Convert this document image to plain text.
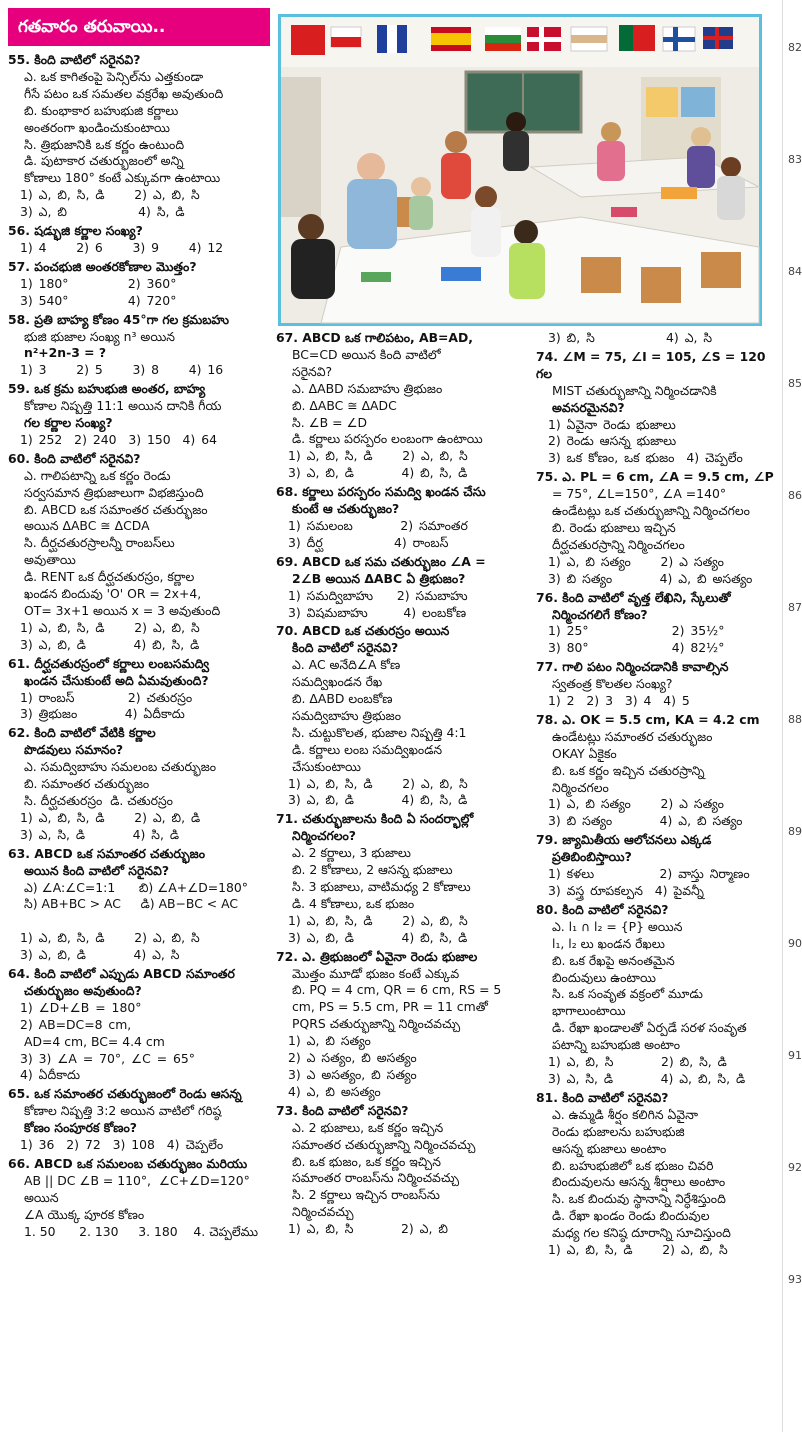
గతవారం తరువాయి..
55. కింది వాటిలో సరైనవి?
ఎ. ఒక కాగితంపై పెన్సిల్‌ను ఎత్తకుండా
గీసే పటం ఒక సమతల వక్రరేఖ అవుతుంది
బి. కుంభాకార బహుభుజి కర్ణాలు
అంతరంగా ఖండించుకుంటాయి
సి. త్రిభుజానికి ఒక కర్ణం ఉంటుంది
డి. పుటాకార చతుర్భుజంలో అన్ని
కోణాలు 180° కంటే ఎక్కువగా ఉంటాయి
1) ఎ, బి, సి, డి     2) ఎ, బి, సి
3) ఎ, బి            4) సి, డి
56. షడ్భుజి కర్ణాల సంఖ్య?
1) 4     2) 6     3) 9     4) 12
57. పంచభుజి అంతరకోణాల మొత్తం?
1) 180°          2) 360°
3) 540°          4) 720°
58. ప్రతి బాహ్య కోణం 45°గా గల క్రమబహు
భుజి భుజాల సంఖ్య n³ అయిన
n²+2n-3 = ?
1) 3     2) 5     3) 8     4) 16
59. ఒక క్రమ బహుభుజి అంతర, బాహ్య
కోణాల నిష్పత్తి 11:1 అయిన దానికి గీయ
గల కర్ణాల సంఖ్య?
1) 252  2) 240  3) 150  4) 64
60. కింది వాటిలో సరైనవి?
ఎ. గాలిపటాన్ని ఒక కర్ణం రెండు
సర్వసమాన త్రిభుజాలుగా విభజిస్తుంది
బి. ABCD ఒక సమాంతర చతుర్భుజం
అయిన ΔABC ≅ ΔCDA
సి. దీర్ఘచతురస్రాలన్నీ రాంబస్‌లు
అవుతాయి
డి. RENT ఒక దీర్ఘచతురస్రం, కర్ణాల
ఖండన బిందువు 'O' OR = 2x+4,
OT= 3x+1 అయిన x = 3 అవుతుంది
1) ఎ, బి, సి, డి     2) ఎ, బి, సి
3) ఎ, బి, డి        4) బి, సి, డి
61. దీర్ఘచతురస్రంలో కర్ణాలు లంబసమద్వి
ఖండన చేసుకుంటే అది ఏమవుతుంది?
1) రాంబస్         2) చతురస్రం
3) త్రిభుజం        4) ఏదీకాదు
62. కింది వాటిలో వేటికి కర్ణాల
పొడవులు సమానం?
ఎ. సమద్విబాహు సమలంబ చతుర్భుజం
బి. సమాంతర చతుర్భుజం
సి. దీర్ఘచతురస్రం  డి. చతురస్రం
1) ఎ, బి, సి, డి     2) ఎ, బి, డి
3) ఎ, సి, డి        4) సి, డి
63. ABCD ఒక సమాంతర చతుర్భుజం
అయిన కింది వాటిలో సరైనవి?
ఎ) ∠A:∠C=1:1      బి) ∠A+∠D=180°
సి) AB+BC > AC     డి) AB−BC < AC

1) ఎ, బి, సి, డి     2) ఎ, బి, సి
3) ఎ, బి, డి        4) ఎ, సి
64. కింది వాటిలో ఎప్పుడు ABCD సమాంతర
చతుర్భుజం అవుతుంది?
1) ∠D+∠B = 180°
2) AB=DC=8 cm,
AD=4 cm, BC= 4.4 cm
3) 3) ∠A = 70°, ∠C = 65°
4) ఏదీకాదు
65. ఒక సమాంతర చతుర్భుజంలో రెండు ఆసన్న
కోణాల నిష్పత్తి 3:2 అయిన వాటిలో గరిష్ఠ
కోణం సంపూరక కోణం?
1) 36  2) 72  3) 108  4) చెప్పలేం
66. ABCD ఒక సమలంబ చతుర్భుజం మరియు
AB || DC ∠B = 110°,  ∠C+∠D=120° అయిన
∠A యొక్క పూరక కోణం
1. 50      2. 130     3. 180    4. చెప్పలేము
67. ABCD ఒక గాలిపటం, AB=AD,
BC=CD అయిన కింది వాటిలో
సరైనవి?
ఎ. ΔABD సమబాహు త్రిభుజం
బి. ΔABC ≅ ΔADC
సి. ∠B = ∠D
డి. కర్ణాలు పరస్పరం లంబంగా ఉంటాయి
1) ఎ, బి, సి, డి     2) ఎ, బి, సి
3) ఎ, బి, డి        4) బి, సి, డి
68. కర్ణాలు పరస్పరం సమద్వి ఖండన చేసు
కుంటే ఆ చతుర్భుజం?
1) సమలంబ        2) సమాంతర
3) దీర్ఘ            4) రాంబస్
69. ABCD ఒక సమ చతుర్భుజం ∠A =
2∠B అయిన ΔABC ఏ త్రిభుజం?
1) సమద్విబాహు    2) సమబాహు
3) విషమబాహు      4) లంబకోణ
70. ABCD ఒక చతురస్రం అయిన
కింది వాటిలో సరైనవి?
ఎ. AC అనేది∠A కోణ
సమద్విఖండన రేఖ
బి. ΔABD లంబకోణ
సమద్విబాహు త్రిభుజం
సి. చుట్టుకొలత, భుజాల నిష్పత్తి 4:1
డి. కర్ణాలు లంబ సమద్విఖండన
చేసుకుంటాయి
1) ఎ, బి, సి, డి     2) ఎ, బి, సి
3) ఎ, బి, డి        4) బి, సి, డి
71. చతుర్భుజాలను కింది ఏ సందర్భాల్లో
నిర్మించగలం?
ఎ. 2 కర్ణాలు, 3 భుజాలు
బి. 2 కోణాలు, 2 ఆసన్న భుజాలు
సి. 3 భుజాలు, వాటిమధ్య 2 కోణాలు
డి. 4 కోణాలు, ఒక భుజం
1) ఎ, బి, సి, డి     2) ఎ, బి, సి
3) ఎ, బి, డి        4) బి, సి, డి
72. ఎ. త్రిభుజంలో ఏవైనా రెండు భుజాల
మొత్తం మూడో భుజం కంటే ఎక్కువ
బి. PQ = 4 cm, QR = 6 cm, RS = 5
cm, PS = 5.5 cm, PR = 11 cmతో
PQRS చతుర్భుజాన్ని నిర్మించవచ్చు
1) ఎ, బి సత్యం
2) ఎ సత్యం, బి అసత్యం
3) ఎ అసత్యం, బి సత్యం
4) ఎ, బి అసత్యం
73. కింది వాటిలో సరైనవి?
ఎ. 2 భుజాలు, ఒక కర్ణం ఇచ్చిన
సమాంతర చతుర్భుజాన్ని నిర్మించవచ్చు
బి. ఒక భుజం, ఒక కర్ణం ఇచ్చిన
సమాంతర రాంబస్‌ను నిర్మించవచ్చు
సి. 2 కర్ణాలు ఇచ్చిన రాంబస్‌ను
నిర్మించవచ్చు
1) ఎ, బి, సి        2) ఎ, బి
3) బి, సి            4) ఎ, సి
74. ∠M = 75, ∠I = 105, ∠S = 120 గల
MIST చతుర్భుజాన్ని నిర్మించడానికి
అవసరమైనవి?
1) ఏవైనా రెండు భుజాలు
2) రెండు ఆసన్న భుజాలు
3) ఒక కోణం, ఒక భుజం  4) చెప్పలేం
75. ఎ. PL = 6 cm, ∠A = 9.5 cm, ∠P
= 75°, ∠L=150°, ∠A =140°
ఉండేటట్లు ఒక చతుర్భుజాన్ని నిర్మించగలం
బి. రెండు భుజాలు ఇచ్చిన
దీర్ఘచతురస్రాన్ని నిర్మించగలం
1) ఎ, బి సత్యం     2) ఎ సత్యం
3) బి సత్యం        4) ఎ, బి అసత్యం
76. కింది వాటిలో వృత్త లేఖిని, స్కేలుతో
నిర్మించగలిగే కోణం?
1) 25°              2) 35½°
3) 80°              4) 82½°
77. గాలి పటం నిర్మించడానికి కావాల్సిన
స్వతంత్ర కొలతల సంఖ్య?
1) 2  2) 3  3) 4  4) 5
78. ఎ. OK = 5.5 cm, KA = 4.2 cm
ఉండేటట్లు సమాంతర చతుర్భుజం
OKAY ఏకైకం
బి. ఒక కర్ణం ఇచ్చిన చతురస్రాన్ని
నిర్మించగలం
1) ఎ, బి సత్యం     2) ఎ సత్యం
3) బి సత్యం        4) ఎ, బి సత్యం
79. జ్యామితీయ ఆలోచనలు ఎక్కడ
ప్రతిబింబిస్తాయి?
1) కళలు           2) వాస్తు నిర్మాణం
3) వస్త్ర రూపకల్పన  4) పైవన్నీ
80. కింది వాటిలో సరైనవి?
ఎ. l₁ ∩ l₂ = {P} అయిన
l₁, l₂ లు ఖండన రేఖలు
బి. ఒక రేఖపై అనంతమైన
బిందువులు ఉంటాయి
సి. ఒక సంవృత వక్రంలో మూడు
భాగాలుంటాయి
డి. రేఖా ఖండాలతో ఏర్పడే సరళ సంవృత
పటాన్ని బహుభుజి అంటాం
1) ఎ, బి, సి        2) బి, సి, డి
3) ఎ, సి, డి        4) ఎ, బి, సి, డి
81. కింది వాటిలో సరైనవి?
ఎ. ఉమ్మడి శీర్షం కలిగిన ఏవైనా
రెండు భుజాలను బహుభుజి
ఆసన్న భుజాలు అంటాం
బి. బహుభుజిలో ఒక భుజం చివరి
బిందువులను ఆసన్న శీర్షాలు అంటాం
సి. ఒక బిందువు స్థానాన్ని నిర్ధేశిస్తుంది
డి. రేఖా ఖండం రెండు బిందువుల
మధ్య గల కనిష్ఠ దూరాన్ని సూచిస్తుంది
1) ఎ, బి, సి, డి     2) ఎ, బి, సి
82
83
84
85
86
87
88
89
90
91
92
93
